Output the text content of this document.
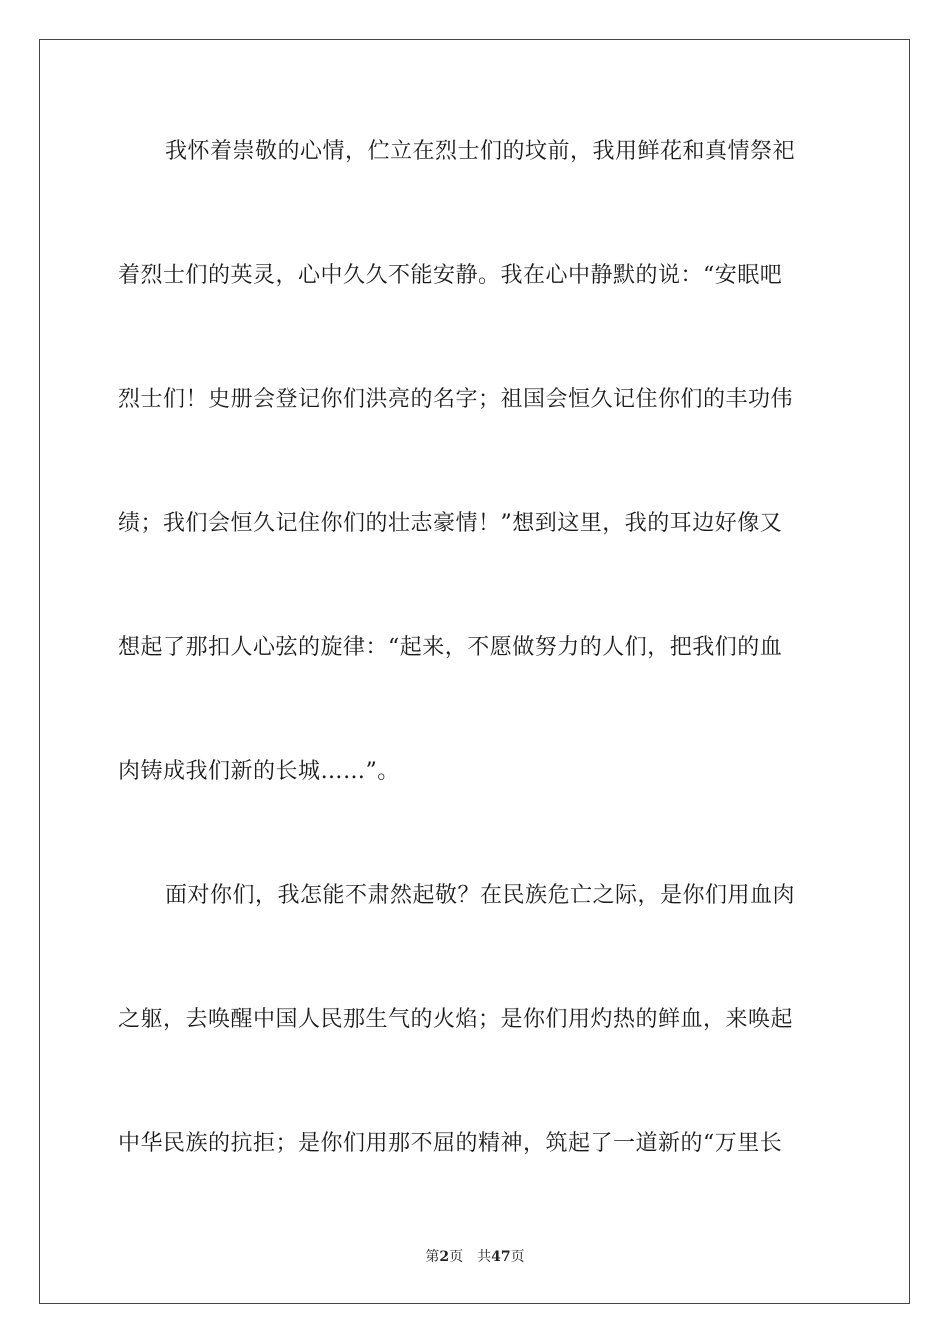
我怀着崇敬的心情，伫立在烈士们的坟前，我用鲜花和真情祭祀
着烈士们的英灵，心中久久不能安静。我在心中静默的说：“安眠吧
烈士们！史册会登记你们洪亮的名字；祖国会恒久记住你们的丰功伟
绩；我们会恒久记住你们的壮志豪情！”想到这里，我的耳边好像又
想起了那扣人心弦的旋律：“起来，不愿做努力的人们，把我们的血
肉铸成我们新的长城……”。
面对你们，我怎能不肃然起敬？在民族危亡之际，是你们用血肉
之躯，去唤醒中国人民那生气的火焰；是你们用灼热的鲜血，来唤起
中华民族的抗拒；是你们用那不屈的精神，筑起了一道新的“万里长
第2页 共47页
